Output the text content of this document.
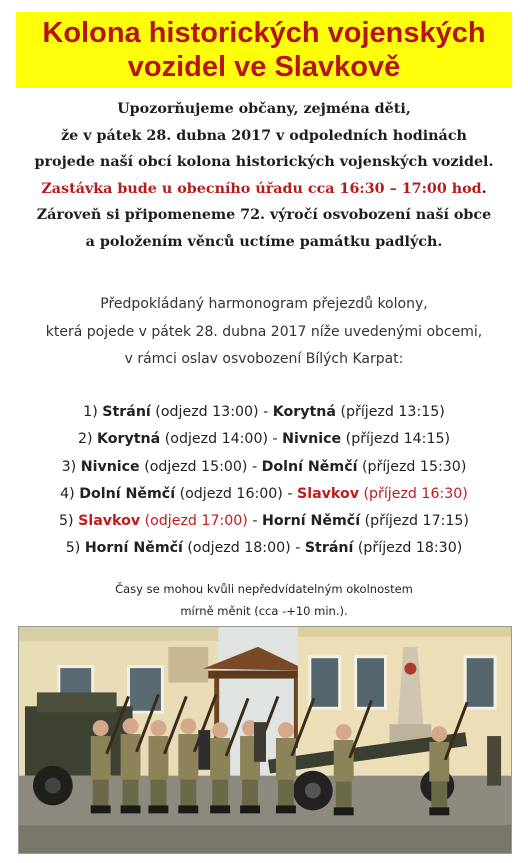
Kolona historických vojenských
vozidel ve Slavkově
Upozorňujeme občany, zejména děti,
že v pátek 28. dubna 2017 v odpoledních hodinách
projede naší obcí kolona historických vojenských vozidel.
Zastávka bude u obecního úřadu cca 16:30 – 17:00 hod.
Zároveň si připomeneme 72. výročí osvobození naší obce
a položením věnců uctíme památku padlých.
Předpokládaný harmonogram přejezdů kolony,
která pojede v pátek 28. dubna 2017 níže uvedenými obcemi,
v rámci oslav osvobození Bílých Karpat:
1) Strání (odjezd 13:00) - Korytná (příjezd 13:15)
2) Korytná (odjezd 14:00) - Nivnice (příjezd 14:15)
3) Nivnice (odjezd 15:00) - Dolní Němčí (příjezd 15:30)
4) Dolní Němčí (odjezd 16:00) - Slavkov (příjezd 16:30)
5) Slavkov (odjezd 17:00) - Horní Němčí (příjezd 17:15)
5) Horní Němčí (odjezd 18:00) - Strání (příjezd 18:30)
Časy se mohou kvůli nepředvídatelným okolnostem
mírně měnit (cca -+10 min.).
